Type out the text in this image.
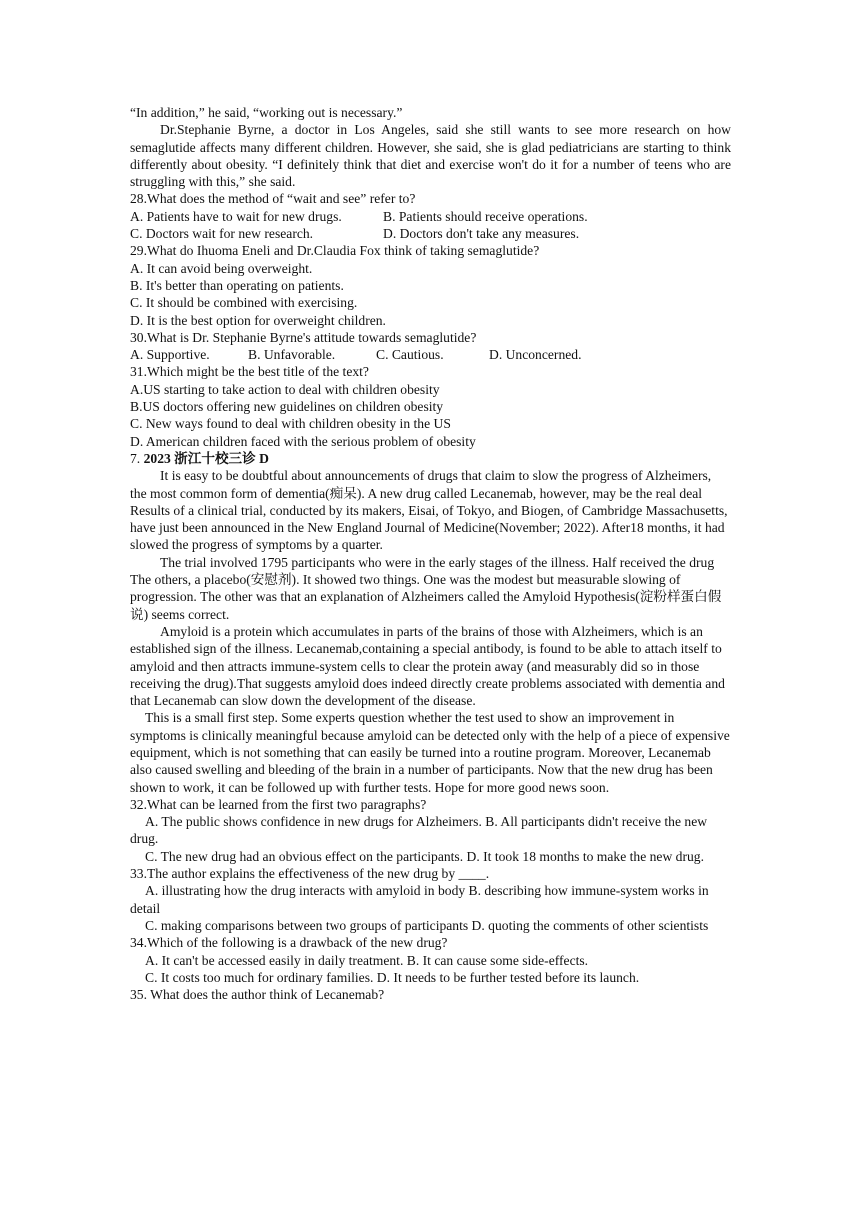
“In addition,” he said, “working out is necessary.”

Dr.Stephanie Byrne, a doctor in Los Angeles, said she still wants to see more research on how semaglutide affects many different children. However, she said, she is glad pediatricians are starting to think differently about obesity. “I definitely think that diet and exercise won't do it for a number of teens who are struggling with this,” she said.

28.What does the method of “wait and see” refer to?

A. Patients have to wait for new drugs.	B. Patients should receive operations.
C. Doctors wait for new research.	D. Doctors don't take any measures.

29.What do Ihuoma Eneli and Dr.Claudia Fox think of taking semaglutide?

A. It can avoid being overweight.

B. It's better than operating on patients.

C. It should be combined with exercising.

D. It is the best option for overweight children.

30.What is Dr. Stephanie Byrne's attitude towards semaglutide?

A. Supportive.	B. Unfavorable.	C. Cautious.	D. Unconcerned.

31.Which might be the best title of the text?

A.US starting to take action to deal with children obesity

B.US doctors offering new guidelines on children obesity

C. New ways found to deal with children obesity in the US

D. American children faced with the serious problem of obesity

7. 2023 浙江十校三诊 D

It is easy to be doubtful about announcements of drugs that claim to slow the progress of Alzheimers, the most common form of dementia(痴呆). A new drug called Lecanemab, however, may be the real deal Results of a clinical trial, conducted by its makers, Eisai, of Tokyo, and Biogen, of Cambridge Massachusetts, have just been announced in the New England Journal of Medicine(November; 2022). After18 months, it had slowed the progress of symptoms by a quarter.

The trial involved 1795 participants who were in the early stages of the illness. Half received the drug The others, a placebo(安慰剂). It showed two things. One was the modest but measurable slowing of progression. The other was that an explanation of Alzheimers called the Amyloid Hypothesis(淀粉样蛋白假说) seems correct.

Amyloid is a protein which accumulates in parts of the brains of those with Alzheimers, which is an established sign of the illness. Lecanemab,containing a special antibody, is found to be able to attach itself to amyloid and then attracts immune-system cells to clear the protein away (and measurably did so in those receiving the drug).That suggests amyloid does indeed directly create problems associated with dementia and that Lecanemab can slow down the development of the disease.

This is a small first step. Some experts question whether the test used to show an improvement in symptoms is clinically meaningful because amyloid can be detected only with the help of a piece of expensive equipment, which is not something that can easily be turned into a routine program. Moreover, Lecanemab also caused swelling and bleeding of the brain in a number of participants. Now that the new drug has been shown to work, it can be followed up with further tests. Hope for more good news soon.

32.What can be learned from the first two paragraphs?

A. The public shows confidence in new drugs for Alzheimers. B. All participants didn't receive the new drug.

C. The new drug had an obvious effect on the participants. D. It took 18 months to make the new drug.

33.The author explains the effectiveness of the new drug by ____.

A. illustrating how the drug interacts with amyloid in body B. describing how immune-system works in detail

C. making comparisons between two groups of participants D. quoting the comments of other scientists

34.Which of the following is a drawback of the new drug?

A. It can't be accessed easily in daily treatment. B. It can cause some side-effects.

C. It costs too much for ordinary families. D. It needs to be further tested before its launch.

35. What does the author think of Lecanemab?
